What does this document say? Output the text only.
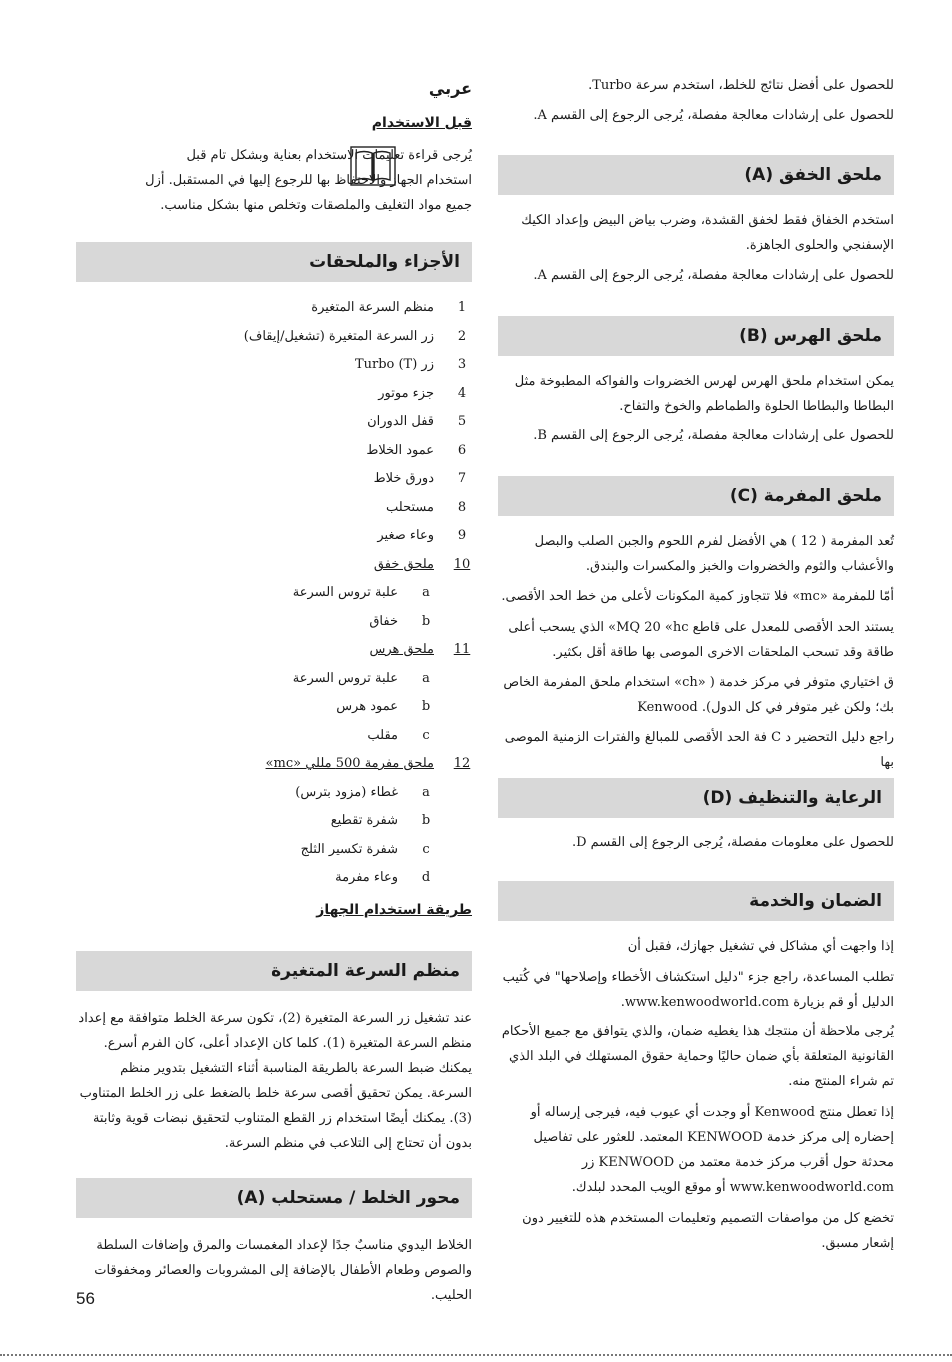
للحصول على أفضل نتائج للخلط، استخدم سرعة Turbo.

للحصول على إرشادات معالجة مفصلة، يُرجى الرجوع إلى القسم A.

ملحق الخفق (A)

استخدم الخفاق فقط لخفق القشدة، وضرب بياض البيض وإعداد الكيك الإسفنجي والحلوى الجاهزة.

للحصول على إرشادات معالجة مفصلة، يُرجى الرجوع إلى القسم A.

ملحق الهرس (B)

يمكن استخدام ملحق الهرس لهرس الخضروات والفواكه المطبوخة مثل البطاطا والبطاطا الحلوة والطماطم والخوخ والتفاح.

للحصول على إرشادات معالجة مفصلة، يُرجى الرجوع إلى القسم B.

ملحق المفرمة (C)

تُعد المفرمة ( 12 ) هي الأفضل لفرم اللحوم والجبن الصلب والبصل والأعشاب والثوم والخضروات والخبز والمكسرات والبندق.

أمّا للمفرمة «mc» فلا تتجاوز كمية المكونات لأعلى من خط الحد الأقصى.

يستند الحد الأقصى للمعدل على قاطع MQ 20 «hc» الذي يسحب أعلى طاقة وقد تسحب الملحقات الاخرى الموصى بها طاقة أقل بكثير.

ق اختياري متوفر في مركز خدمة ( «ch» استخدام ملحق المفرمة الخاص بك؛ ولكن غير متوفر في كل الدول). Kenwood

راجع دليل التحضير د C فة الحد الأقصى للمبالغ والفترات الزمنية الموصى بها

الرعاية والتنظيف (D)

للحصول على معلومات مفصلة، يُرجى الرجوع إلى القسم D.

الضمان والخدمة

إذا واجهت أي مشاكل في تشغيل جهازك، فقبل أن

تطلب المساعدة، راجع جزء "دليل استكشاف الأخطاء وإصلاحها" في كُتيب الدليل أو قم بزيارة www.kenwoodworld.com.

يُرجى ملاحظة أن منتجك هذا يغطيه ضمان، والذي يتوافق مع جميع الأحكام القانونية المتعلقة بأي ضمان حاليًا وحماية حقوق المستهلك في البلد الذي تم شراء المنتج منه.

إذا تعطل منتج Kenwood أو وجدت أي عيوب فيه، فيرجى إرساله أو إحضاره إلى مركز خدمة KENWOOD المعتمد. للعثور على تفاصيل محدثة حول أقرب مركز خدمة معتمد من KENWOOD زر www.kenwoodworld.com أو موقع الويب المحدد لبلدك.

تخضع كل من مواصفات التصميم وتعليمات المستخدم هذه للتغيير دون إشعار مسبق.

عربي
قبل الاستخدام

يُرجى قراءة تعليمات الاستخدام بعناية وبشكل تام قبل استخدام الجهاز والاحتفاظ بها للرجوع إليها في المستقبل. أزل جميع مواد التغليف والملصقات وتخلص منها بشكل مناسب.

الأجزاء والملحقات
1
منظم السرعة المتغيرة
2
زر السرعة المتغيرة (تشغيل/إيقاف)
3
زر Turbo (T)
4
جزء موتور
5
قفل الدوران
6
عمود الخلاط
7
دورق خلاط
8
مستحلب
9
وعاء صغير
10
ملحق خفق
a
علبة تروس السرعة
b
خفاق
11
ملحق هرس
a
علبة تروس السرعة
b
عمود هرس
c
مقلب
12
ملحق مفرمة 500 مللي «mc»
a
غطاء (مزود بترس)
b
شفرة تقطيع
c
شفرة تكسير الثلج
d
وعاء مفرمة
طريقة استخدام الجهاز
منظم السرعة المتغيرة

عند تشغيل زر السرعة المتغيرة (2)، تكون سرعة الخلط متوافقة مع إعداد منظم السرعة المتغيرة (1). كلما كان الإعداد أعلى، كان الفرم أسرع. يمكنك ضبط السرعة بالطريقة المناسبة أثناء التشغيل بتدوير منظم السرعة. يمكن تحقيق أقصى سرعة خلط بالضغط على زر الخلط المتناوب (3). يمكنك أيضًا استخدام زر القطع المتناوب لتحقيق نبضات قوية وثابتة بدون أن تحتاج إلى التلاعب في منظم السرعة.

محور الخلط / مستحلب (A)

الخلاط اليدوي مناسبٌ جدًا لإعداد المغمسات والمرق وإضافات السلطة والصوص وطعام الأطفال بالإضافة إلى المشروبات والعصائر ومخفوقات الحليب.

56
